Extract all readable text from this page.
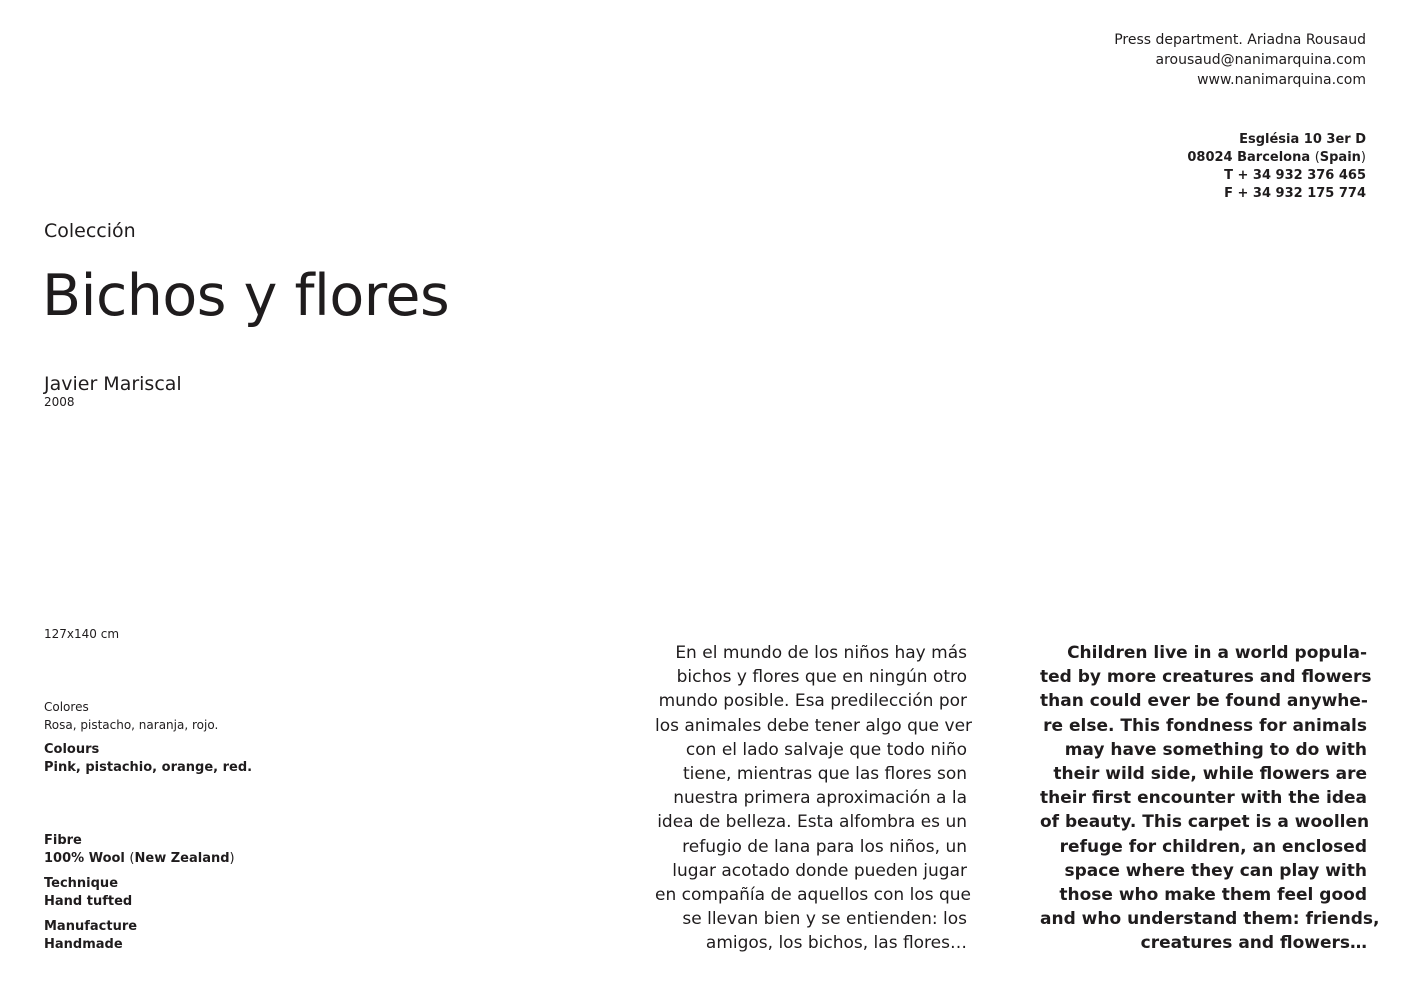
Press department. Ariadna Rousaud
arousaud@nanimarquina.com
www.nanimarquina.com
Església 10 3er D
08024 Barcelona (Spain)
T + 34 932 376 465
F + 34 932 175 774
Colección
Bichos y flores
Javier Mariscal
2008
127x140 cm
Colores
Rosa, pistacho, naranja, rojo.
Colours
Pink, pistachio, orange, red.
Fibre
100% Wool (New Zealand)
Technique
Hand tufted
Manufacture
Handmade
En el mundo de los niños hay más
bichos y flores que en ningún otro
mundo posible. Esa predilección por
los animales debe tener algo que ver
con el lado salvaje que todo niño
tiene, mientras que las flores son
nuestra primera aproximación a la
idea de belleza. Esta alfombra es un
refugio de lana para los niños, un
lugar acotado donde pueden jugar
en compañía de aquellos con los que
se llevan bien y se entienden: los
amigos, los bichos, las flores…
Children live in a world popula-
ted by more creatures and flowers
than could ever be found anywhe-
re else. This fondness for animals
may have something to do with
their wild side, while flowers are
their first encounter with the idea
of beauty. This carpet is a woollen
refuge for children, an enclosed
space where they can play with
those who make them feel good
and who understand them: friends,
creatures and flowers…
